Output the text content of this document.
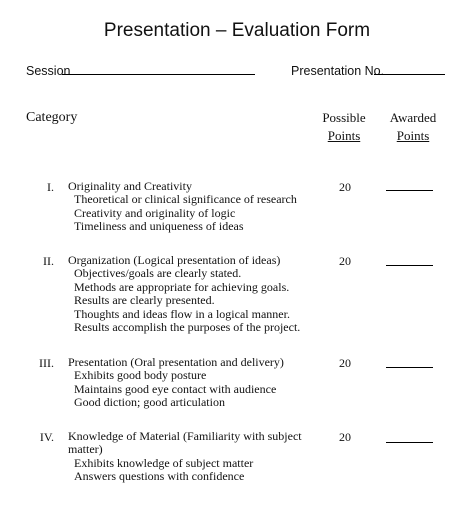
Presentation – Evaluation Form
Session	Presentation No.
Category	Possible
Points
Awarded
Points
I. Originality and Creativity
Theoretical or clinical significance of research
Creativity and originality of logic
Timeliness and uniqueness of ideas
20
II. Organization (Logical presentation of ideas)
Objectives/goals are clearly stated.
Methods are appropriate for achieving goals.
Results are clearly presented.
Thoughts and ideas flow in a logical manner.
Results accomplish the purposes of the project.
20
III. Presentation (Oral presentation and delivery)
Exhibits good body posture
Maintains good eye contact with audience
Good diction; good articulation
20
IV. Knowledge of Material (Familiarity with subject
matter)
Exhibits knowledge of subject matter
Answers questions with confidence
20
